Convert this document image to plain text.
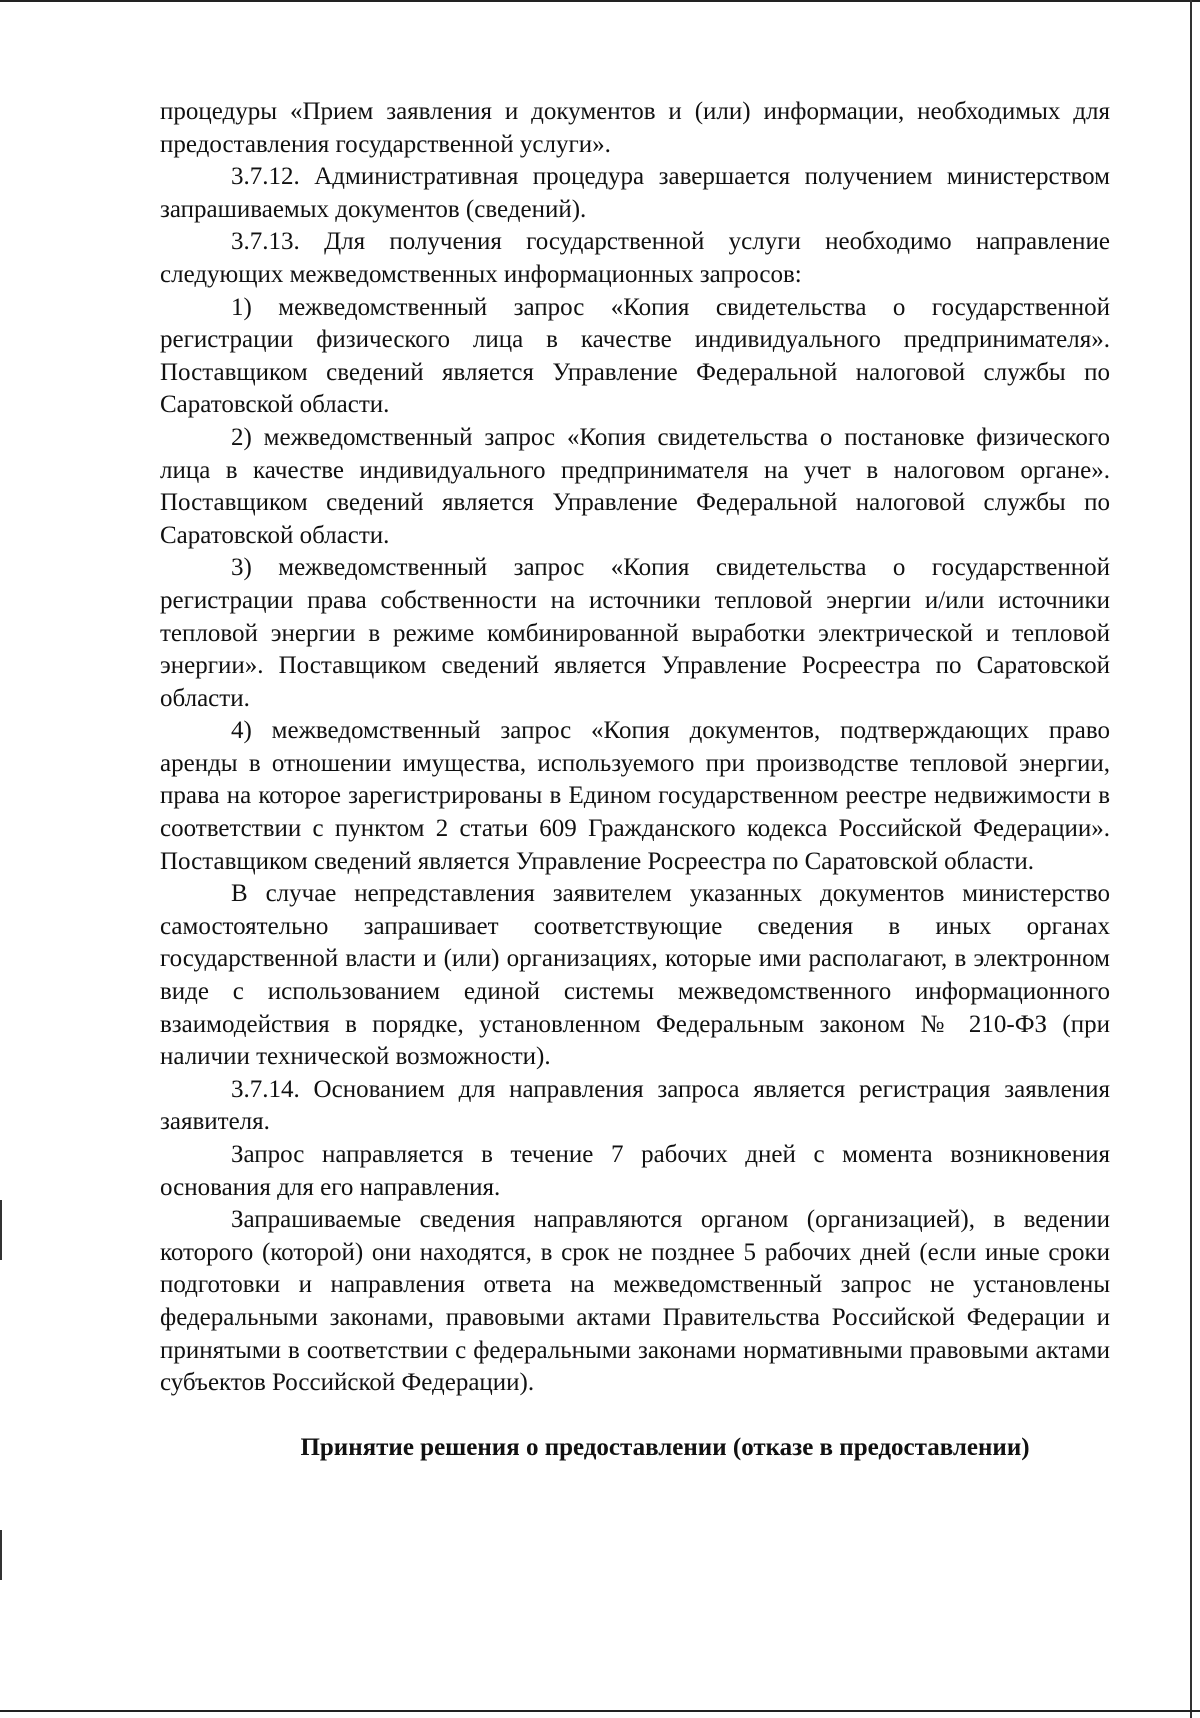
процедуры «Прием заявления и документов и (или) информации, необходимых для предоставления государственной услуги».

3.7.12. Административная процедура завершается получением министерством запрашиваемых документов (сведений).

3.7.13. Для получения государственной услуги необходимо направление следующих межведомственных информационных запросов:

1) межведомственный запрос «Копия свидетельства о государственной регистрации физического лица в качестве индивидуального предпринимателя». Поставщиком сведений является Управление Федеральной налоговой службы по Саратовской области.

2) межведомственный запрос «Копия свидетельства о постановке физического лица в качестве индивидуального предпринимателя на учет в налоговом органе». Поставщиком сведений является Управление Федеральной налоговой службы по Саратовской области.

3) межведомственный запрос «Копия свидетельства о государственной регистрации права собственности на источники тепловой энергии и/или источники тепловой энергии в режиме комбинированной выработки электрической и тепловой энергии». Поставщиком сведений является Управление Росреестра по Саратовской области.

4) межведомственный запрос «Копия документов, подтверждающих право аренды в отношении имущества, используемого при производстве тепловой энергии, права на которое зарегистрированы в Едином государственном реестре недвижимости в соответствии с пунктом 2 статьи 609 Гражданского кодекса Российской Федерации». Поставщиком сведений является Управление Росреестра по Саратовской области.

В случае непредставления заявителем указанных документов министерство самостоятельно запрашивает соответствующие сведения в иных органах государственной власти и (или) организациях, которые ими располагают, в электронном виде с использованием единой системы межведомственного информационного взаимодействия в порядке, установленном Федеральным законом № 210-ФЗ (при наличии технической возможности).

3.7.14. Основанием для направления запроса является регистрация заявления заявителя.

Запрос направляется в течение 7 рабочих дней с момента возникновения основания для его направления.

Запрашиваемые сведения направляются органом (организацией), в ведении которого (которой) они находятся, в срок не позднее 5 рабочих дней (если иные сроки подготовки и направления ответа на межведомственный запрос не установлены федеральными законами, правовыми актами Правительства Российской Федерации и принятыми в соответствии с федеральными законами нормативными правовыми актами субъектов Российской Федерации).

Принятие решения о предоставлении (отказе в предоставлении)
